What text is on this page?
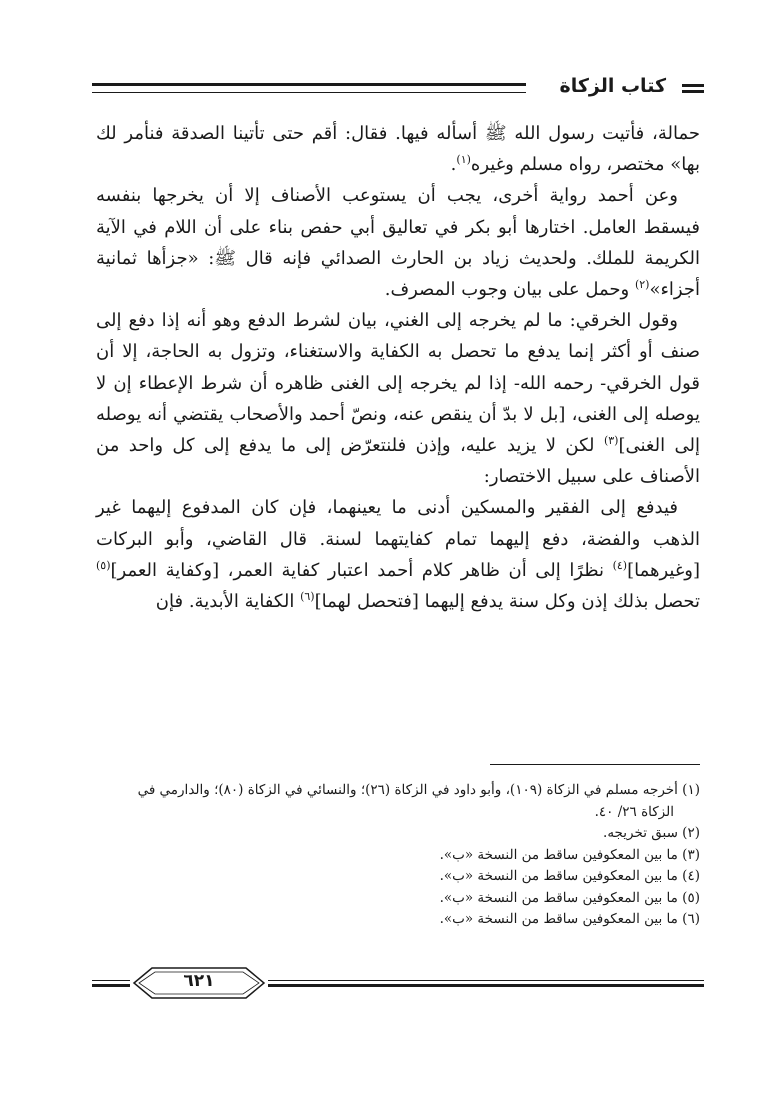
كتاب الزكاة

حمالة، فأتيت رسول الله ﷺ أسأله فيها. فقال: أقم حتى تأتينا الصدقة فنأمر لك بها» مختصر، رواه مسلم وغيره$^{(١)}$.

وعن أحمد رواية أخرى، يجب أن يستوعب الأصناف إلا أن يخرجها بنفسه فيسقط العامل. اختارها أبو بكر في تعاليق أبي حفص بناء على أن اللام في الآية الكريمة للملك. ولحديث زياد بن الحارث الصدائي فإنه قال ﷺ: «جزأها ثمانية أجزاء»$^{(٢)}$ وحمل على بيان وجوب المصرف.

وقول الخرقي: ما لم يخرجه إلى الغني، بيان لشرط الدفع وهو أنه إذا دفع إلى صنف أو أكثر إنما يدفع ما تحصل به الكفاية والاستغناء، وتزول به الحاجة، إلا أن قول الخرقي- رحمه الله- إذا لم يخرجه إلى الغنى ظاهره أن شرط الإعطاء إن لا يوصله إلى الغنى، [بل لا بدّ أن ينقص عنه، ونصّ أحمد والأصحاب يقتضي أنه يوصله إلى الغنى]$^{(٣)}$ لكن لا يزيد عليه، وإذن فلنتعرّض إلى ما يدفع إلى كل واحد من الأصناف على سبيل الاختصار:

فيدفع إلى الفقير والمسكين أدنى ما يعينهما، فإن كان المدفوع إليهما غير الذهب والفضة، دفع إليهما تمام كفايتهما لسنة. قال القاضي، وأبو البركات [وغيرهما]$^{(٤)}$ نظرًا إلى أن ظاهر كلام أحمد اعتبار كفاية العمر، [وكفاية العمر]$^{(٥)}$ تحصل بذلك إذن وكل سنة يدفع إليهما [فتحصل لهما]$^{(٦)}$ الكفاية الأبدية. فإن

(١) أخرجه مسلم في الزكاة (١٠٩)، وأبو داود في الزكاة (٢٦)؛ والنسائي في الزكاة (٨٠)؛ والدارمي في
الزكاة ٢٦/ ٤٠.
(٢) سبق تخريجه.
(٣) ما بين المعكوفين ساقط من النسخة «ب».
(٤) ما بين المعكوفين ساقط من النسخة «ب».
(٥) ما بين المعكوفين ساقط من النسخة «ب».
(٦) ما بين المعكوفين ساقط من النسخة «ب».
٦٢١
